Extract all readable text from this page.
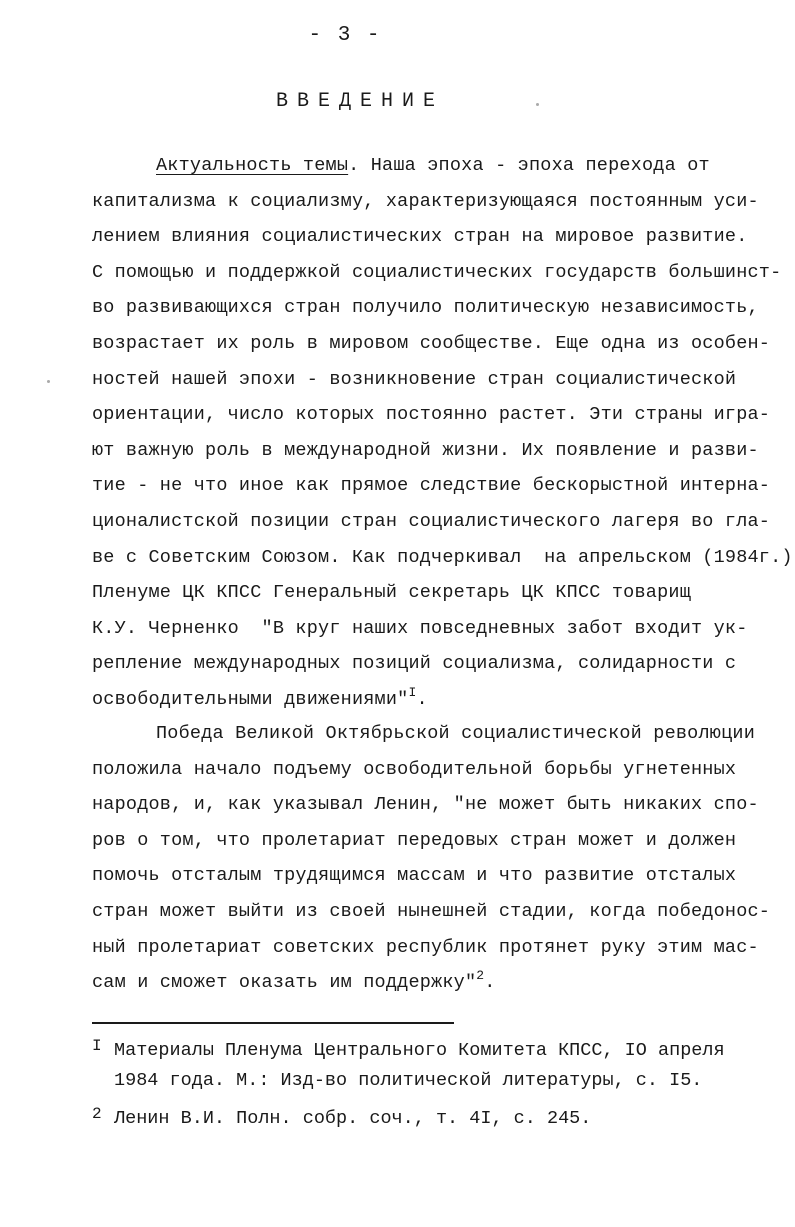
- 3 -
ВВЕДЕНИЕ
Актуальность темы. Наша эпоха - эпоха перехода от
капитализма к социализму, характеризующаяся постоянным уси-
лением влияния социалистических стран на мировое развитие.
С помощью и поддержкой социалистических государств большинст-
во развивающихся стран получило политическую независимость,
возрастает их роль в мировом сообществе. Еще одна из особен-
ностей нашей эпохи - возникновение стран социалистической
ориентации, число которых постоянно растет. Эти страны игра-
ют важную роль в международной жизни. Их появление и разви-
тие - не что иное как прямое следствие бескорыстной интерна-
ционалистской позиции стран социалистического лагеря во гла-
ве с Советским Союзом. Как подчеркивал  на апрельском (1984г.)
Пленуме ЦК КПСС Генеральный секретарь ЦК КПСС товарищ
К.У. Черненко  "В круг наших повседневных забот входит ук-
репление международных позиций социализма, солидарности с
освободительными движениями"$^I$.
Победа Великой Октябрьской социалистической революции
положила начало подъему освободительной борьбы угнетенных
народов, и, как указывал Ленин, "не может быть никаких спо-
ров о том, что пролетариат передовых стран может и должен
помочь отсталым трудящимся массам и что развитие отсталых
стран может выйти из своей нынешней стадии, когда победонос-
ный пролетариат советских республик протянет руку этим мас-
сам и сможет оказать им поддержку"$^2$.
I Материалы Пленума Центрального Комитета КПСС, IO апреля
1984 года. М.: Изд-во политической литературы, с. I5.
2 Ленин В.И. Полн. собр. соч., т. 4I, с. 245.
